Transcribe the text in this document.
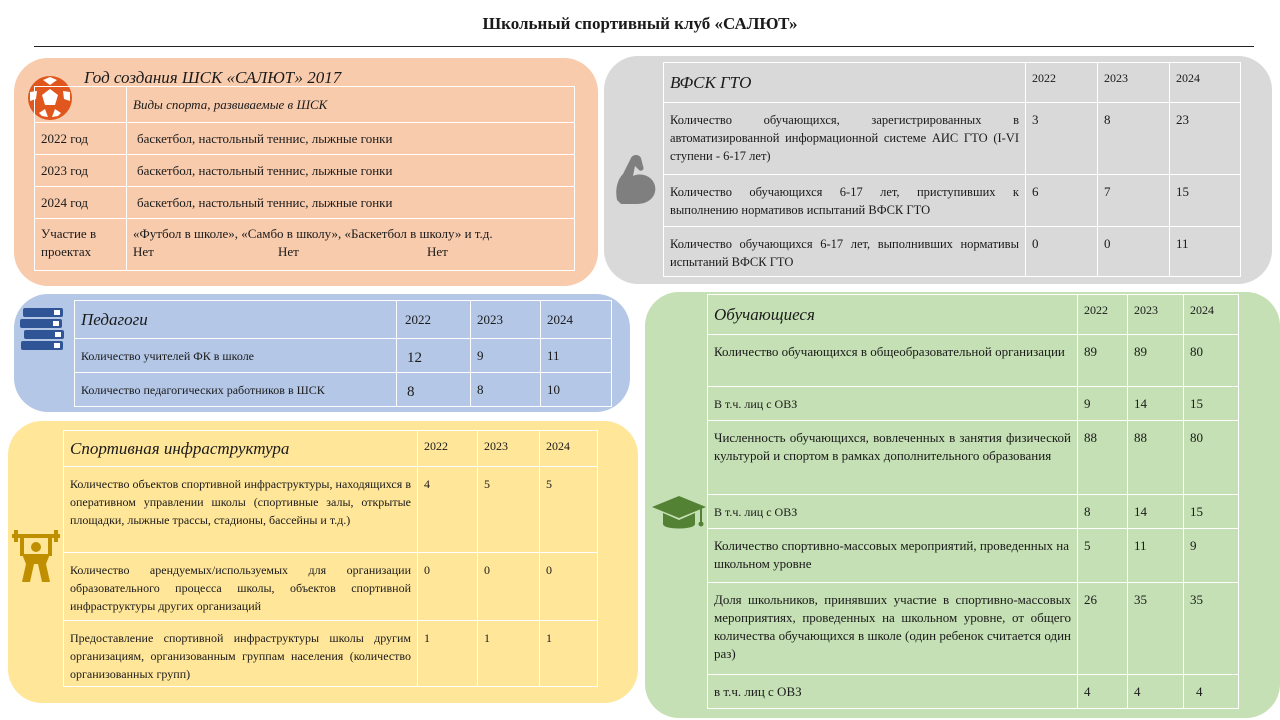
Школьный спортивный клуб «САЛЮТ»
Год создания ШСК «САЛЮТ» 2017
	Виды спорта, развиваемые в ШСК
2022 год	баскетбол, настольный теннис, лыжные гонки
2023 год	баскетбол, настольный теннис, лыжные гонки
2024 год	баскетбол, настольный теннис, лыжные гонки
Участие в проектах	«Футбол в школе», «Самбо в школу», «Баскетбол в школу» и т.д.
Нет Нет Нет
ВФСК ГТО	2022	2023	2024
Количество обучающихся, зарегистрированных в автоматизированной информационной системе АИС ГТО (I-VI ступени - 6-17 лет)	3	8	23
Количество обучающихся 6-17 лет, приступивших к выполнению нормативов испытаний ВФСК ГТО	6	7	15
Количество обучающихся 6-17 лет, выполнивших нормативы испытаний ВФСК ГТО	0	0	11
Педагоги	2022	2023	2024
Количество учителей ФК в школе	12	9	11
Количество педагогических работников в ШСК	8	8	10
Спортивная инфраструктура	2022	2023	2024
Количество объектов спортивной инфраструктуры, находящихся в оперативном управлении школы (спортивные залы, открытые площадки, лыжные трассы, стадионы, бассейны и т.д.)	4	5	5
Количество арендуемых/используемых для организации образовательного процесса школы, объектов спортивной инфраструктуры других организаций	0	0	0
Предоставление спортивной инфраструктуры школы другим организациям, организованным группам населения (количество организованных групп)	1	1	1
Обучающиеся	2022	2023	2024
Количество обучающихся в общеобразовательной организации	89	89	80
В т.ч. лиц с ОВЗ	9	14	15
Численность обучающихся, вовлеченных в занятия физической культурой и спортом в рамках дополнительного образования	88	88	80
В т.ч. лиц с ОВЗ	8	14	15
Количество спортивно-массовых мероприятий, проведенных на школьном уровне	5	11	9
Доля школьников, принявших участие в спортивно-массовых мероприятиях, проведенных на школьном уровне, от общего количества обучающихся в школе (один ребенок считается один раз)	26	35	35
в т.ч. лиц с ОВЗ	4	4	4
